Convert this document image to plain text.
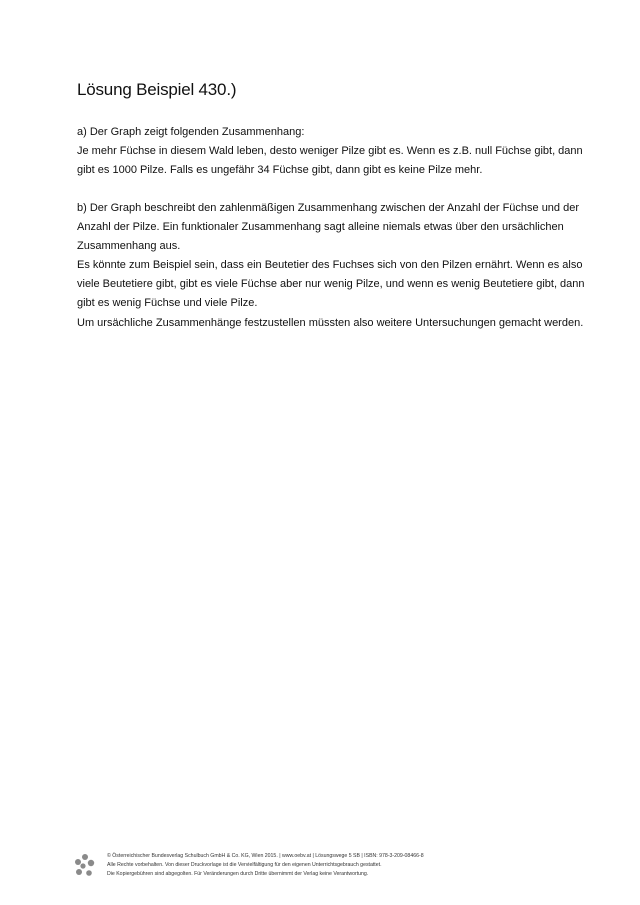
Lösung Beispiel 430.)
a) Der Graph zeigt folgenden Zusammenhang:
Je mehr Füchse in diesem Wald leben, desto weniger Pilze gibt es. Wenn es z.B. null Füchse gibt, dann
gibt es 1000 Pilze. Falls es ungefähr 34 Füchse gibt, dann gibt es keine Pilze mehr.
b) Der Graph beschreibt den zahlenmäßigen Zusammenhang zwischen der Anzahl der Füchse und der
Anzahl der Pilze. Ein funktionaler Zusammenhang sagt alleine niemals etwas über den ursächlichen
Zusammenhang aus.
Es könnte zum Beispiel sein, dass ein Beutetier des Fuchses sich von den Pilzen ernährt. Wenn es also
viele Beutetiere gibt, gibt es viele Füchse aber nur wenig Pilze, und wenn es wenig Beutetiere gibt, dann
gibt es wenig Füchse und viele Pilze.
Um ursächliche Zusammenhänge festzustellen müssten also weitere Untersuchungen gemacht werden.
© Österreichischer Bundesverlag Schulbuch GmbH & Co. KG, Wien 2015. | www.oebv.at | Lösungswege 5 SB | ISBN: 978-3-209-08466-8
Alle Rechte vorbehalten. Von dieser Druckvorlage ist die Vervielfältigung für den eigenen Unterrichtsgebrauch gestattet.
Die Kopiergebühren sind abgegolten. Für Veränderungen durch Dritte übernimmt der Verlag keine Verantwortung.
